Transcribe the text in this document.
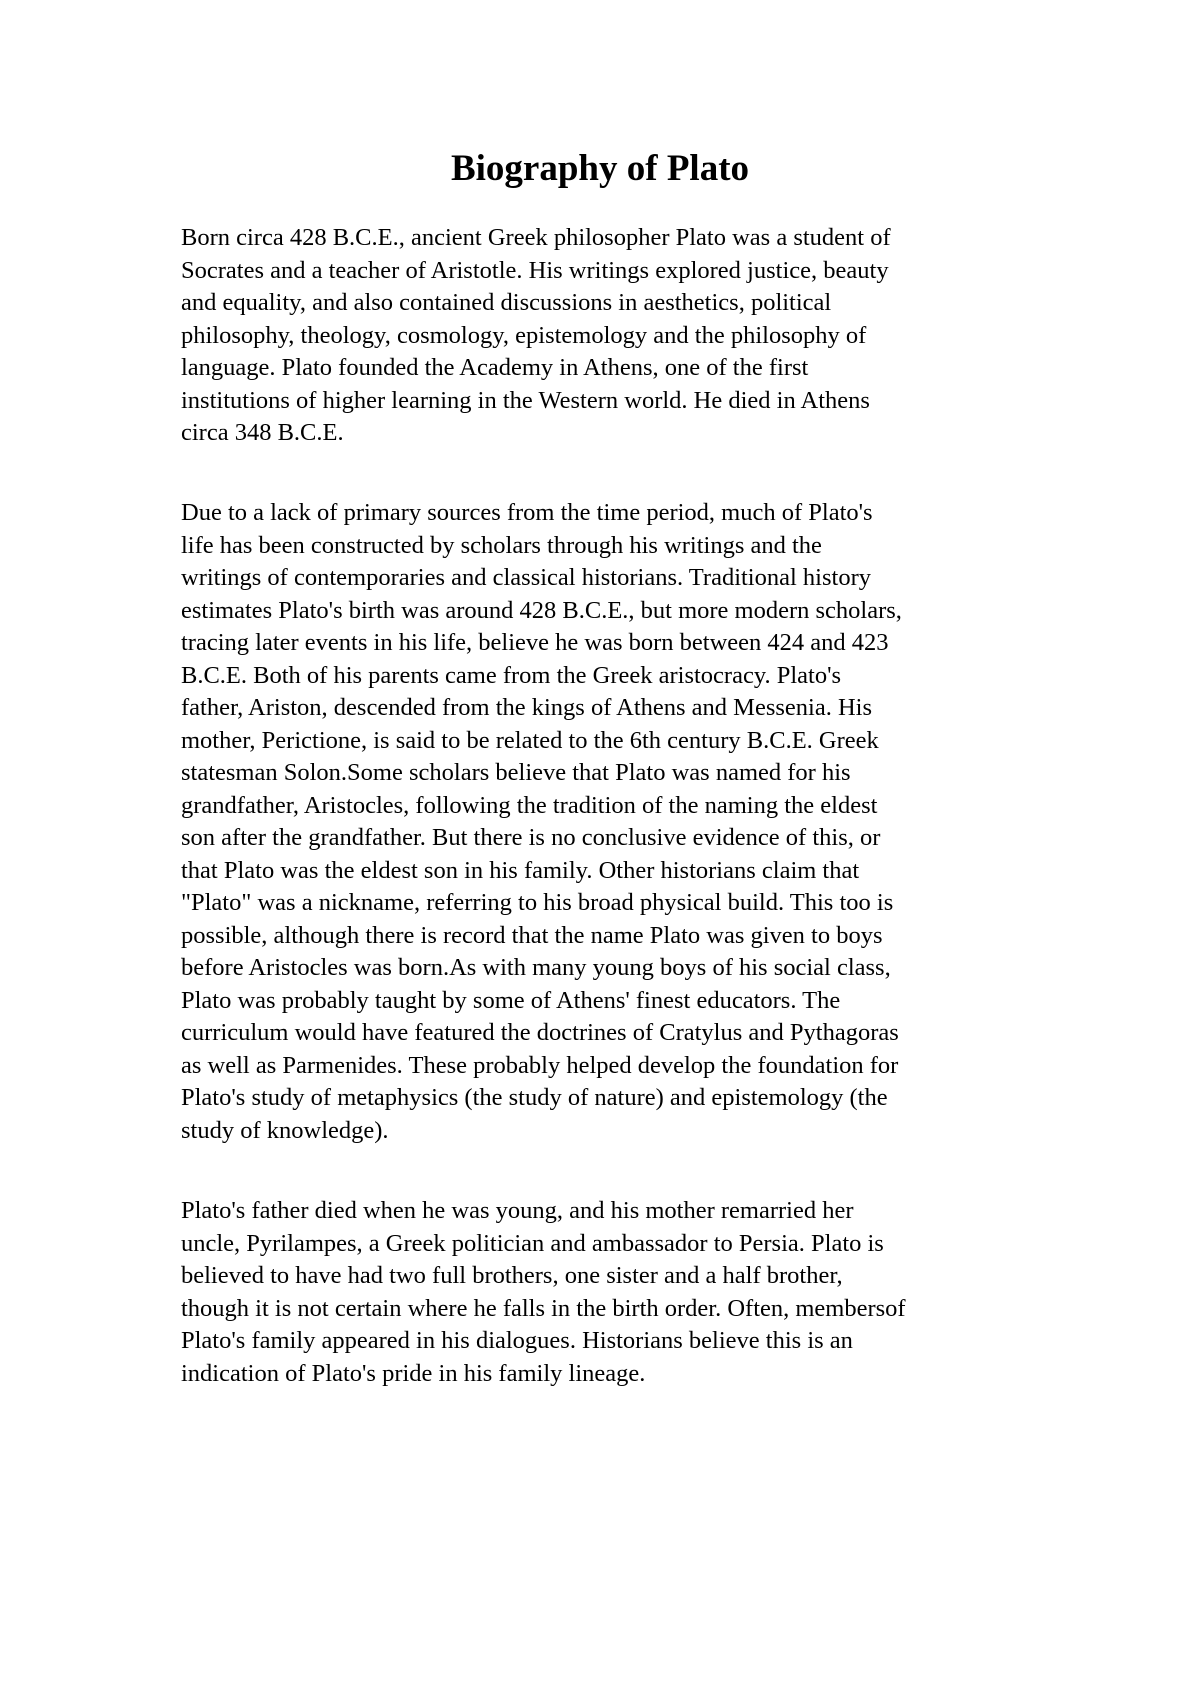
Biography of Plato

Born circa 428 B.C.E., ancient Greek philosopher Plato was a student of
Socrates and a teacher of Aristotle. His writings explored justice, beauty
and equality, and also contained discussions in aesthetics, political
philosophy, theology, cosmology, epistemology and the philosophy of
language. Plato founded the Academy in Athens, one of the first
institutions of higher learning in the Western world. He died in Athens
circa 348 B.C.E.

Due to a lack of primary sources from the time period, much of Plato's
life has been constructed by scholars through his writings and the
writings of contemporaries and classical historians. Traditional history
estimates Plato's birth was around 428 B.C.E., but more modern scholars,
tracing later events in his life, believe he was born between 424 and 423
B.C.E. Both of his parents came from the Greek aristocracy. Plato's
father, Ariston, descended from the kings of Athens and Messenia. His
mother, Perictione, is said to be related to the 6th century B.C.E. Greek
statesman Solon.Some scholars believe that Plato was named for his
grandfather, Aristocles, following the tradition of the naming the eldest
son after the grandfather. But there is no conclusive evidence of this, or
that Plato was the eldest son in his family. Other historians claim that
"Plato" was a nickname, referring to his broad physical build. This too is
possible, although there is record that the name Plato was given to boys
before Aristocles was born.As with many young boys of his social class,
Plato was probably taught by some of Athens' finest educators. The
curriculum would have featured the doctrines of Cratylus and Pythagoras
as well as Parmenides. These probably helped develop the foundation for
Plato's study of metaphysics (the study of nature) and epistemology (the
study of knowledge).

Plato's father died when he was young, and his mother remarried her
uncle, Pyrilampes, a Greek politician and ambassador to Persia. Plato is
believed to have had two full brothers, one sister and a half brother,
though it is not certain where he falls in the birth order. Often, membersof
Plato's family appeared in his dialogues. Historians believe this is an
indication of Plato's pride in his family lineage.
